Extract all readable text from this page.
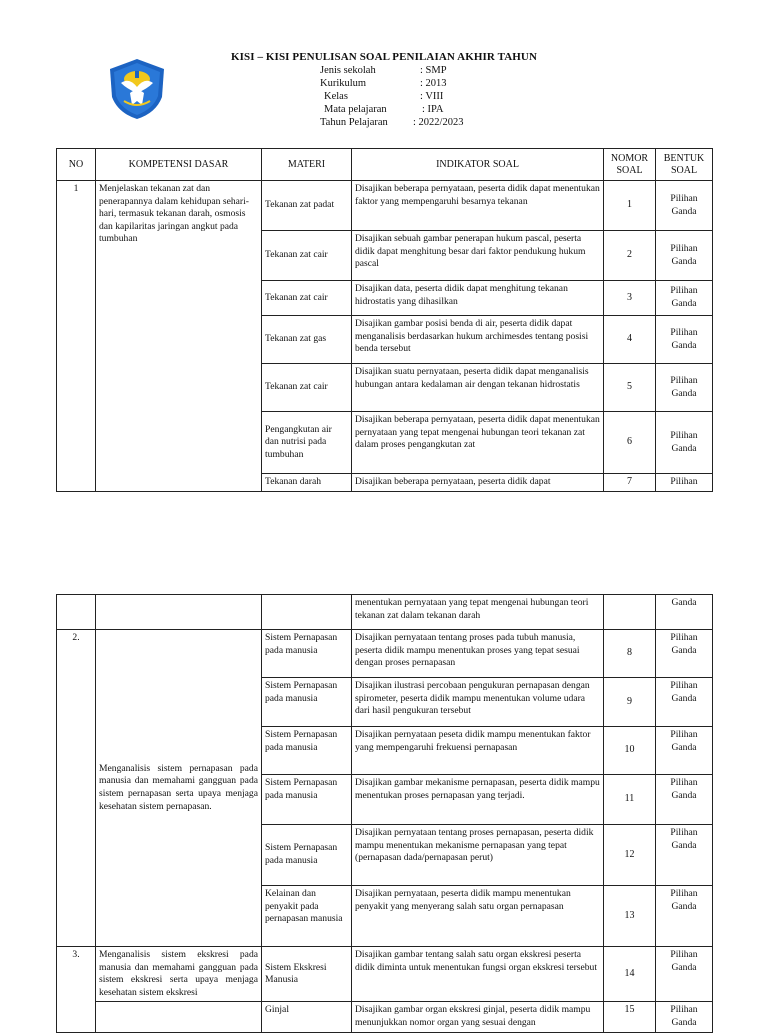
KISI – KISI PENULISAN SOAL PENILAIAN AKHIR TAHUN
Jenis sekolah	: SMP
Kurikulum	: 2013
Kelas	: VIII
Mata pelajaran	: IPA
Tahun Pelajaran : 2022/2023
NO	KOMPETENSI DASAR	MATERI	INDIKATOR SOAL	NOMOR SOAL	BENTUK SOAL
1	Menjelaskan tekanan zat dan penerapannya dalam kehidupan sehari-hari, termasuk tekanan darah, osmosis dan kapilaritas jaringan angkut pada tumbuhan	Tekanan zat padat	Disajikan beberapa pernyataan, peserta didik dapat menentukan faktor yang mempengaruhi besarnya tekanan	1	Pilihan Ganda
		Tekanan zat cair	Disajikan sebuah gambar penerapan hukum pascal, peserta didik dapat menghitung besar dari faktor pendukung hukum pascal	2	Pilihan Ganda
		Tekanan zat cair	Disajikan data, peserta didik dapat menghitung tekanan hidrostatis yang dihasilkan	3	Pilihan Ganda
		Tekanan zat gas	Disajikan gambar posisi benda di air, peserta didik dapat menganalisis berdasarkan hukum archimesdes tentang posisi benda tersebut	4	Pilihan Ganda
		Tekanan zat cair	Disajikan suatu pernyataan, peserta didik dapat menganalisis hubungan antara kedalaman air dengan tekanan hidrostatis	5	Pilihan Ganda
		Pengangkutan air dan nutrisi pada tumbuhan	Disajikan beberapa pernyataan, peserta didik dapat menentukan pernyataan yang tepat mengenai hubungan teori tekanan zat dalam proses pengangkutan zat	6	Pilihan Ganda
		Tekanan darah	Disajikan beberapa pernyataan, peserta didik dapat	7	Pilihan
			menentukan pernyataan yang tepat mengenai hubungan teori tekanan zat dalam tekanan darah		Ganda
2.	Menganalisis sistem pernapasan pada manusia dan memahami gangguan pada sistem pernapasan serta upaya menjaga kesehatan sistem pernapasan.	Sistem Pernapasan pada manusia	Disajikan pernyataan tentang proses pada tubuh manusia, peserta didik mampu menentukan proses yang tepat sesuai dengan proses pernapasan	8	Pilihan Ganda
		Sistem Pernapasan pada manusia	Disajikan ilustrasi percobaan pengukuran pernapasan dengan spirometer, peserta didik mampu menentukan volume udara dari hasil pengukuran tersebut	9	Pilihan Ganda
		Sistem Pernapasan pada manusia	Disajikan pernyataan peseta didik mampu menentukan faktor yang mempengaruhi frekuensi pernapasan	10	Pilihan Ganda
		Sistem Pernapasan pada manusia	Disajikan gambar mekanisme pernapasan, peserta didik mampu menentukan proses pernapasan yang terjadi.	11	Pilihan Ganda
		Sistem Pernapasan pada manusia	Disajikan pernyataan tentang proses pernapasan, peserta didik mampu menentukan mekanisme pernapasan yang tepat (pernapasan dada/pernapasan perut)	12	Pilihan Ganda
		Kelainan dan penyakit pada pernapasan manusia	Disajikan pernyataan, peserta didik mampu menentukan penyakit yang menyerang salah satu organ pernapasan	13	Pilihan Ganda
3.	Menganalisis sistem ekskresi pada manusia dan memahami gangguan pada sistem ekskresi serta upaya menjaga kesehatan sistem ekskresi	Sistem Ekskresi Manusia	Disajikan gambar tentang salah satu organ ekskresi peserta didik diminta untuk menentukan fungsi organ ekskresi tersebut	14	Pilihan Ganda
		Ginjal	Disajikan gambar organ ekskresi ginjal, peserta didik mampu menunjukkan nomor organ yang sesuai dengan	15	Pilihan Ganda
